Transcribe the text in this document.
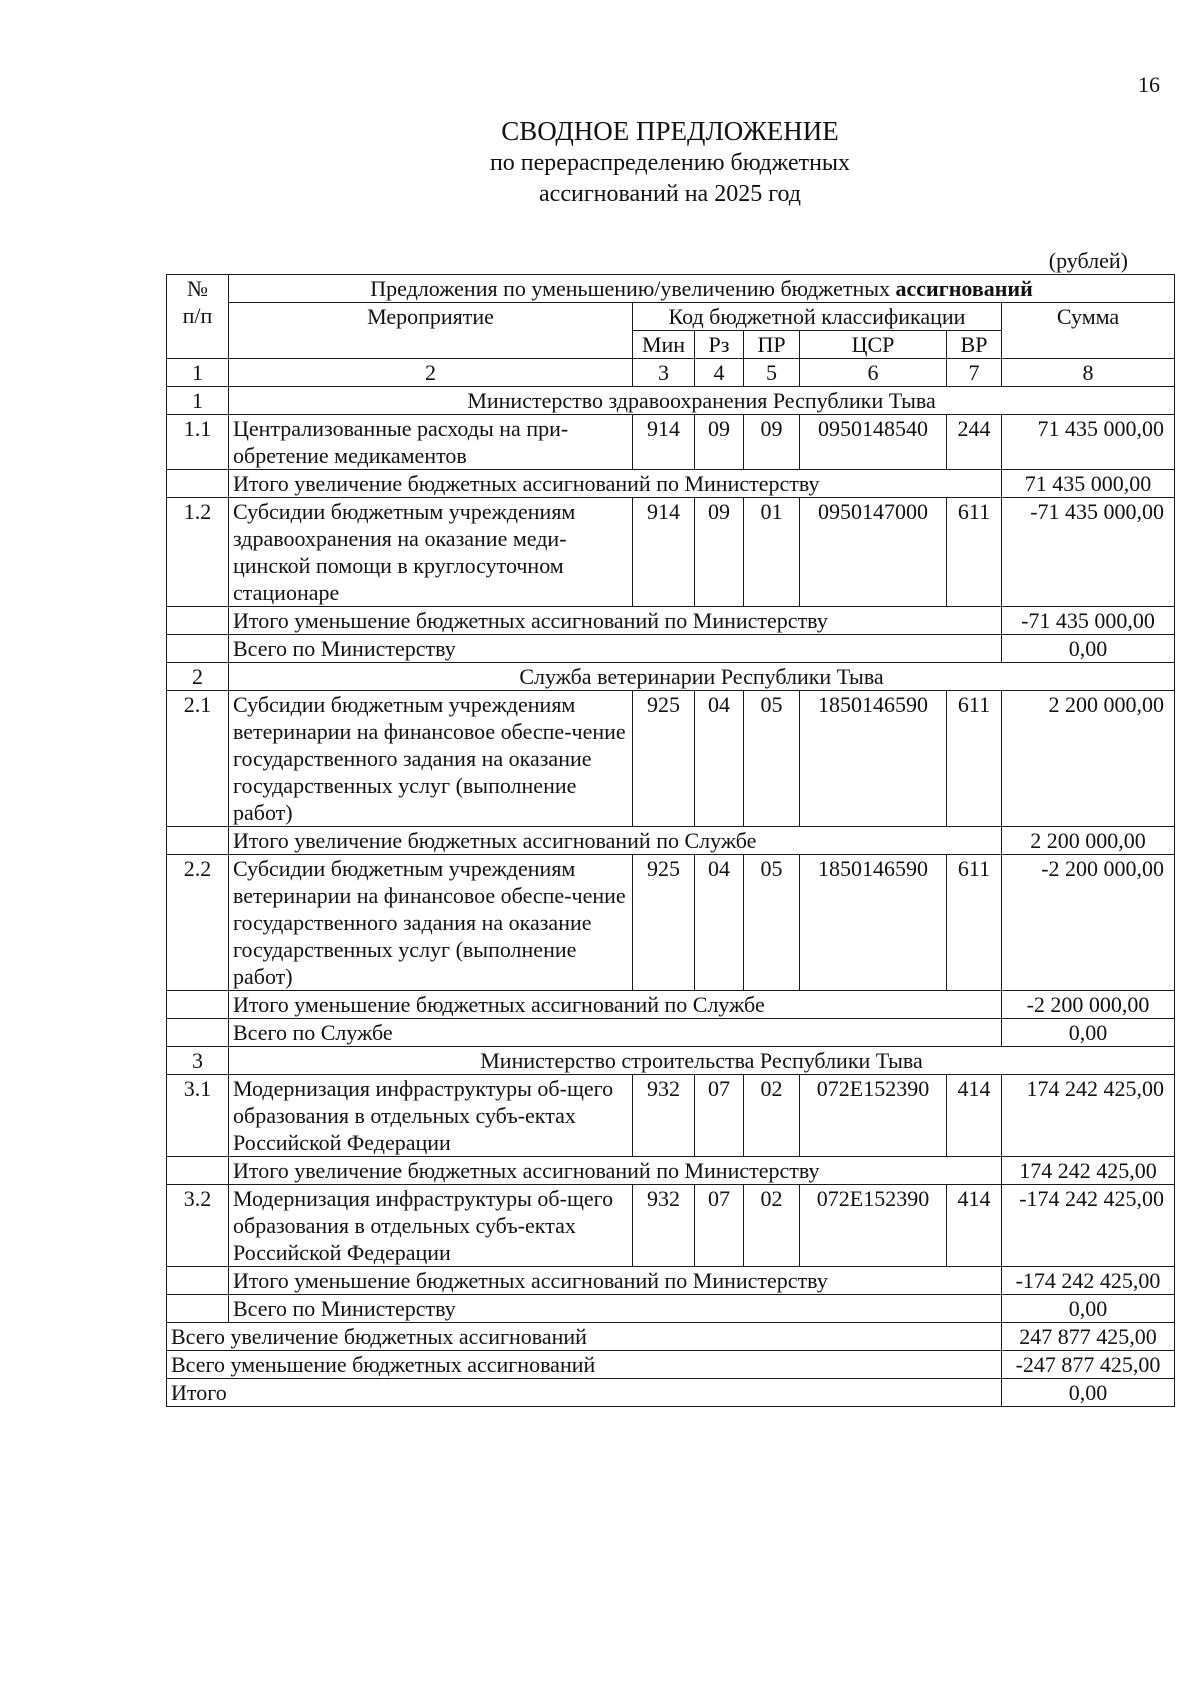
16
СВОДНОЕ ПРЕДЛОЖЕНИЕ
по перераспределению бюджетных
ассигнований на 2025 год
(рублей)
№
п/п	Предложения по уменьшению/увеличению бюджетных ассигнований						
	Мероприятие	Код бюджетной классификации					Сумма
		Мин	Рз	ПР	ЦСР	ВР	
1	2	3	4	5	6	7	8
1	Министерство здравоохранения Республики Тыва						
1.1	Централизованные расходы на при-обретение медикаментов	914	09	09	0950148540	244	71 435 000,00
	Итого увеличение бюджетных ассигнований по Министерству						71 435 000,00
1.2	Субсидии бюджетным учреждениям здравоохранения на оказание меди-цинской помощи в круглосуточном стационаре	914	09	01	0950147000	611	-71 435 000,00
	Итого уменьшение бюджетных ассигнований по Министерству						-71 435 000,00
	Всего по Министерству						0,00
2	Служба ветеринарии Республики Тыва						
2.1	Субсидии бюджетным учреждениям ветеринарии на финансовое обеспе-чение государственного задания на оказание государственных услуг (выполнение работ)	925	04	05	1850146590	611	2 200 000,00
	Итого увеличение бюджетных ассигнований по Службе						2 200 000,00
2.2	Субсидии бюджетным учреждениям ветеринарии на финансовое обеспе-чение государственного задания на оказание государственных услуг (выполнение работ)	925	04	05	1850146590	611	-2 200 000,00
	Итого уменьшение бюджетных ассигнований по Службе						-2 200 000,00
	Всего по Службе						0,00
3	Министерство строительства Республики Тыва						
3.1	Модернизация инфраструктуры об-щего образования в отдельных субъ-ектах Российской Федерации	932	07	02	072Е152390	414	174 242 425,00
	Итого увеличение бюджетных ассигнований по Министерству						174 242 425,00
3.2	Модернизация инфраструктуры об-щего образования в отдельных субъ-ектах Российской Федерации	932	07	02	072Е152390	414	-174 242 425,00
	Итого уменьшение бюджетных ассигнований по Министерству						-174 242 425,00
	Всего по Министерству						0,00
Всего увеличение бюджетных ассигнований							247 877 425,00
Всего уменьшение бюджетных ассигнований							-247 877 425,00
Итого							0,00
